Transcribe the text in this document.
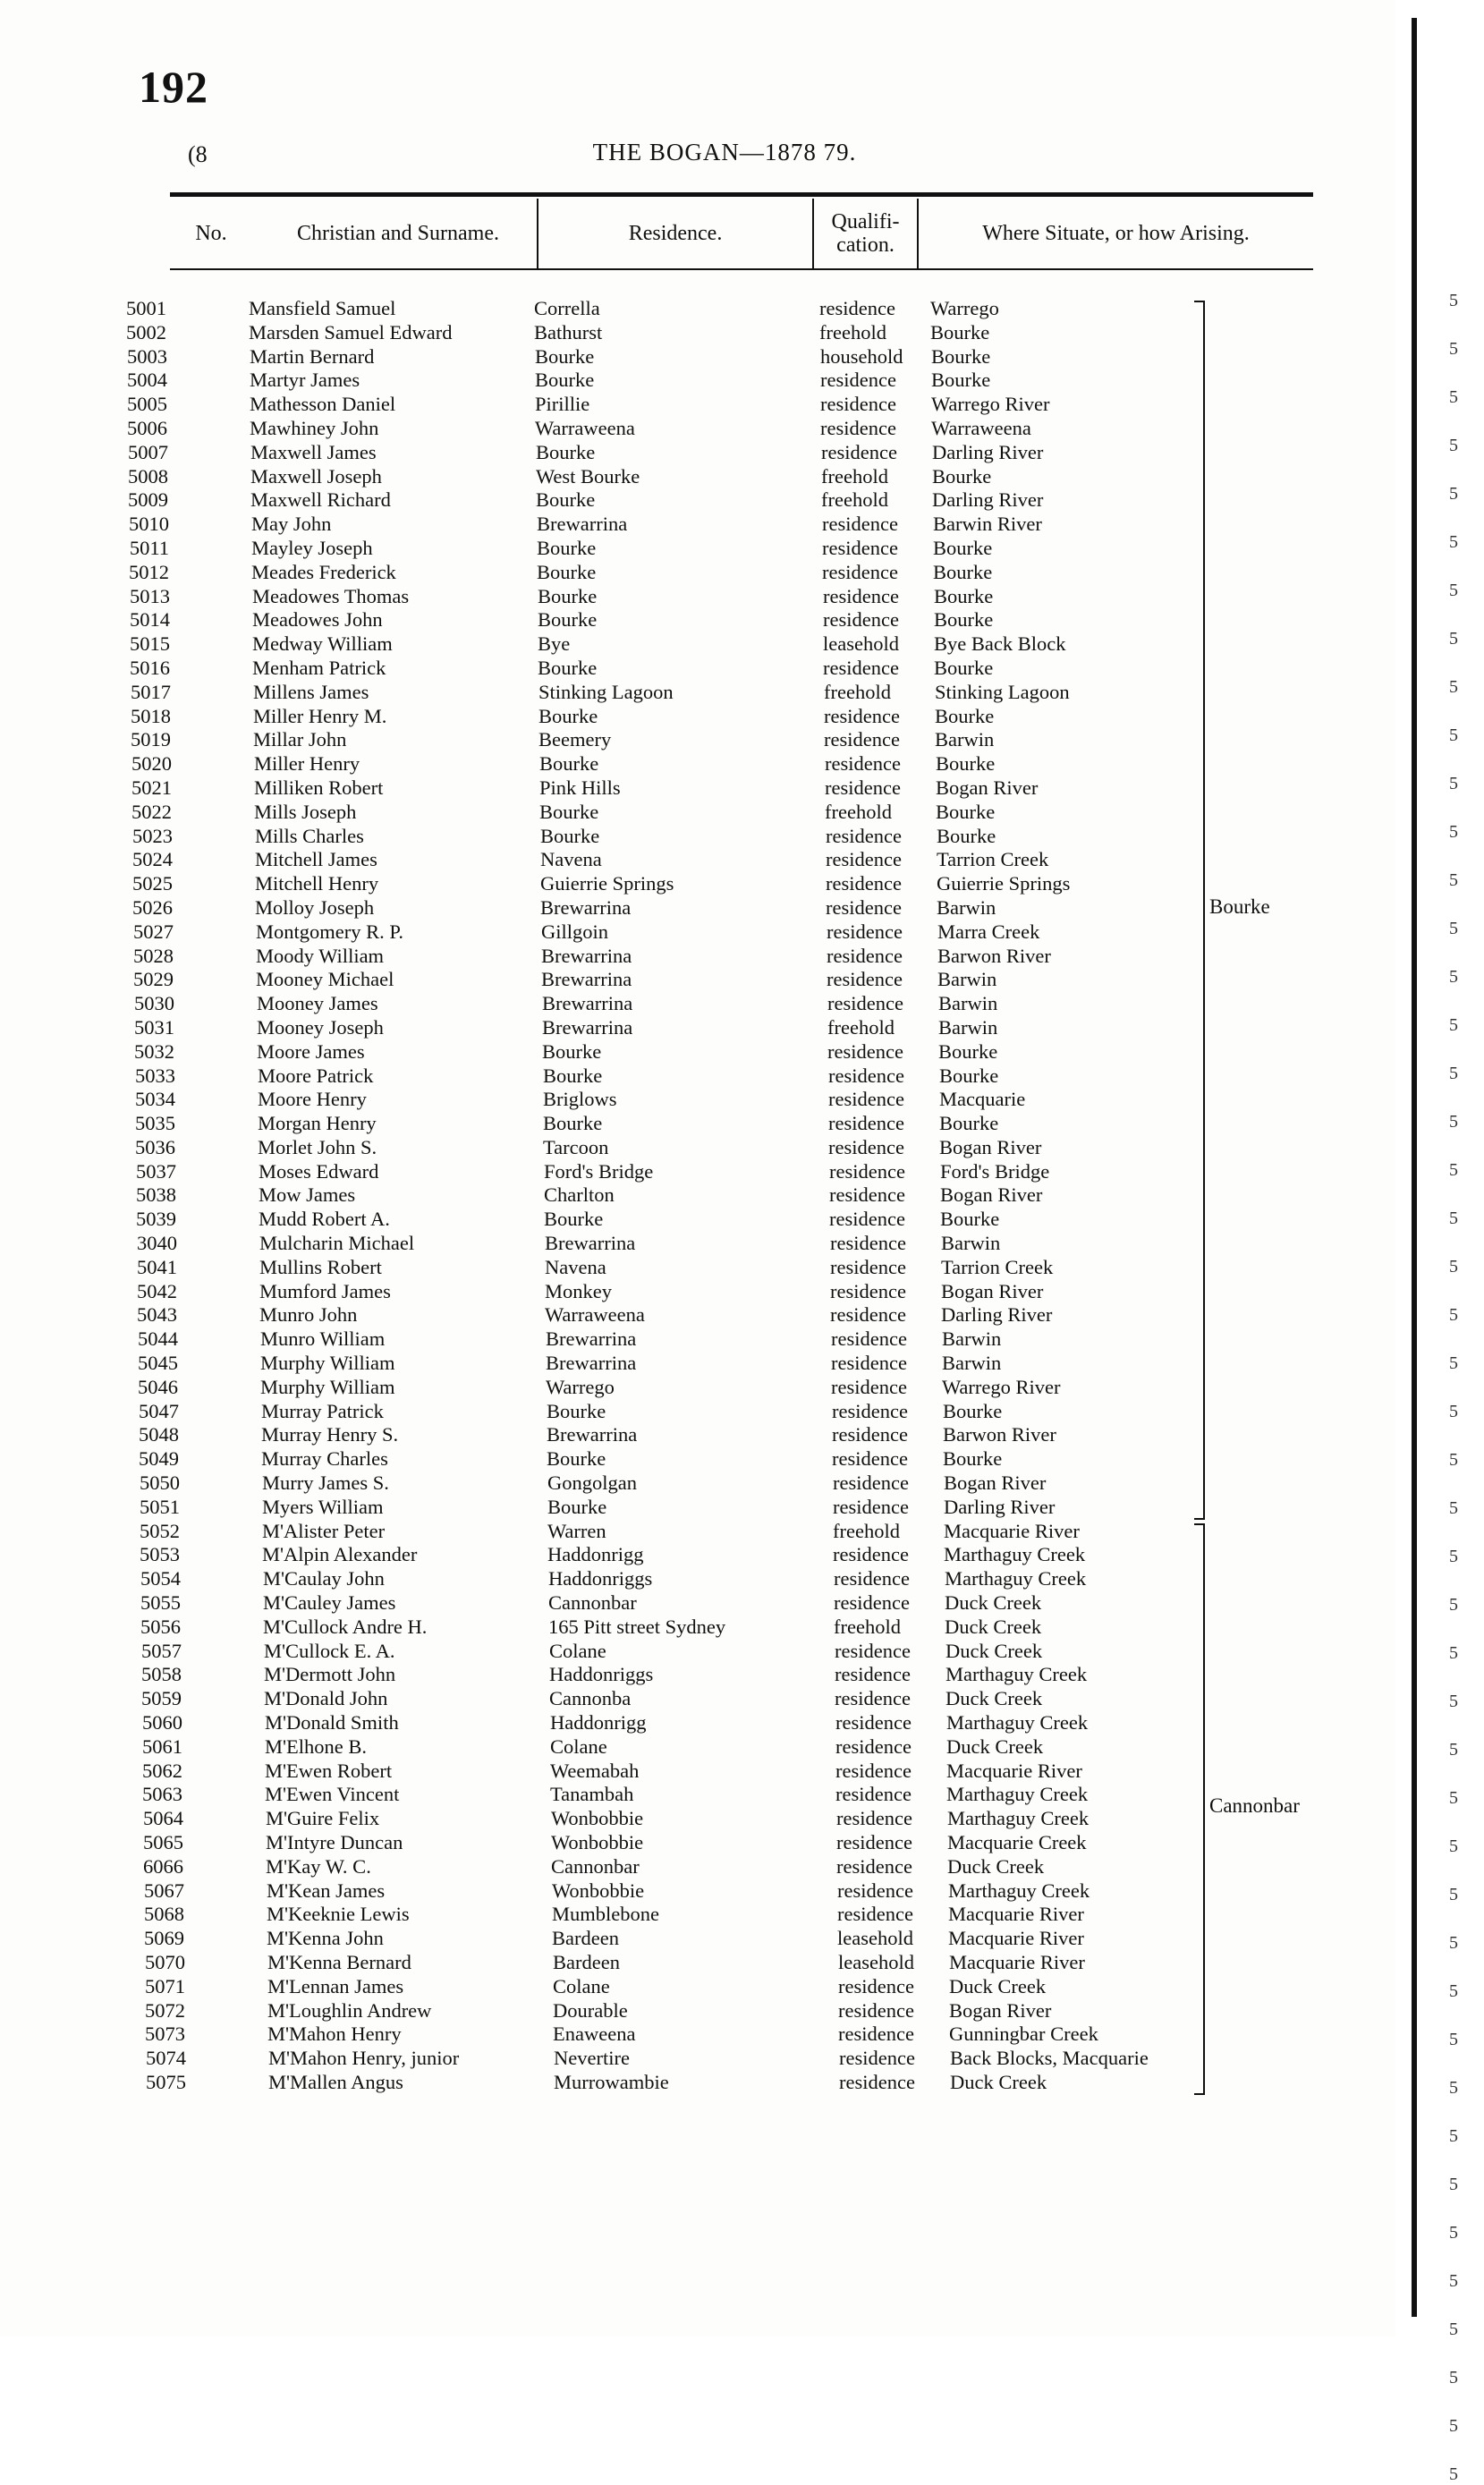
192
(8	THE BOGAN—1878 79.
No.	Christian and Surname.	Residence.	Qualifi-cation.	Where Situate, or how Arising.
5001	Mansfield Samuel	Corrella	residence Warrego
5002	Marsden Samuel Edward	Bathurst	freehold Bourke
5003	Martin Bernard	Bourke	household Bourke
5004	Martyr James	Bourke	residence Bourke
5005	Mathesson Daniel	Pirillie	residence Warrego River
5006	Mawhiney John	Warraweena	residence Warraweena
5007	Maxwell James	Bourke	residence Darling River
5008	Maxwell Joseph	West Bourke	freehold Bourke
5009	Maxwell Richard	Bourke	freehold Darling River
5010	May John	Brewarrina	residence Barwin River
5011	Mayley Joseph	Bourke	residence Bourke
5012	Meades Frederick	Bourke	residence Bourke
5013	Meadowes Thomas	Bourke	residence Bourke
5014	Meadowes John	Bourke	residence Bourke
5015	Medway William	Bye	leasehold Bye Back Block
5016	Menham Patrick	Bourke	residence Bourke
5017	Millens James	Stinking Lagoon	freehold Stinking Lagoon
5018	Miller Henry M.	Bourke	residence Bourke
5019	Millar John	Beemery	residence Barwin
5020	Miller Henry	Bourke	residence Bourke
5021	Milliken Robert	Pink Hills	residence Bogan River
5022	Mills Joseph	Bourke	freehold Bourke
5023	Mills Charles	Bourke	residence Bourke
5024	Mitchell James	Navena	residence Tarrion Creek
5025	Mitchell Henry	Guierrie Springs	residence Guierrie Springs
5026	Molloy Joseph	Brewarrina	residence Barwin
5027	Montgomery R. P.	Gillgoin	residence Marra Creek
5028	Moody William	Brewarrina	residence Barwon River
5029	Mooney Michael	Brewarrina	residence Barwin
5030	Mooney James	Brewarrina	residence Barwin
5031	Mooney Joseph	Brewarrina	freehold Barwin
5032	Moore James	Bourke	residence Bourke
5033	Moore Patrick	Bourke	residence Bourke
5034	Moore Henry	Briglows	residence Macquarie
5035	Morgan Henry	Bourke	residence Bourke
5036	Morlet John S.	Tarcoon	residence Bogan River
5037	Moses Edward	Ford's Bridge	residence Ford's Bridge
5038	Mow James	Charlton	residence Bogan River
5039	Mudd Robert A.	Bourke	residence Bourke
3040	Mulcharin Michael	Brewarrina	residence Barwin
5041	Mullins Robert	Navena	residence Tarrion Creek
5042	Mumford James	Monkey	residence Bogan River
5043	Munro John	Warraweena	residence Darling River
5044	Munro William	Brewarrina	residence Barwin
5045	Murphy William	Brewarrina	residence Barwin
5046	Murphy William	Warrego	residence Warrego River
5047	Murray Patrick	Bourke	residence Bourke
5048	Murray Henry S.	Brewarrina	residence Barwon River
5049	Murray Charles	Bourke	residence Bourke
5050	Murry James S.	Gongolgan	residence Bogan River
5051	Myers William	Bourke	residence Darling River
5052	M'Alister Peter	Warren	freehold Macquarie River
5053	M'Alpin Alexander	Haddonrigg	residence Marthaguy Creek
5054	M'Caulay John	Haddonriggs	residence Marthaguy Creek
5055	M'Cauley James	Cannonbar	residence Duck Creek
5056	M'Cullock Andre H.	165 Pitt street Sydney	freehold Duck Creek
5057	M'Cullock E. A.	Colane	residence Duck Creek
5058	M'Dermott John	Haddonriggs	residence Marthaguy Creek
5059	M'Donald John	Cannonba	residence Duck Creek
5060	M'Donald Smith	Haddonrigg	residence Marthaguy Creek
5061	M'Elhone B.	Colane	residence Duck Creek
5062	M'Ewen Robert	Weemabah	residence Macquarie River
5063	M'Ewen Vincent	Tanambah	residence Marthaguy Creek
5064	M'Guire Felix	Wonbobbie	residence Marthaguy Creek
5065	M'Intyre Duncan	Wonbobbie	residence Macquarie Creek
6066	M'Kay W. C.	Cannonbar	residence Duck Creek
5067	M'Kean James	Wonbobbie	residence Marthaguy Creek
5068	M'Keeknie Lewis	Mumblebone	residence Macquarie River
5069	M'Kenna John	Bardeen	leasehold Macquarie River
5070	M'Kenna Bernard	Bardeen	leasehold Macquarie River
5071	M'Lennan James	Colane	residence Duck Creek
5072	M'Loughlin Andrew	Dourable	residence Bogan River
5073	M'Mahon Henry	Enaweena	residence Gunningbar Creek
5074	M'Mahon Henry, junior	Nevertire	residence Back Blocks, Macquarie
5075	M'Mallen Angus	Murrowambie	residence Duck Creek
Bourke
Cannonbar
5
5
5
5
5
5
5
5
5
5
5
5
5
5
5
5
5
5
5
5
5
5
5
5
5
5
5
5
5
5
5
5
5
5
5
5
5
5
5
5
5
5
5
5
5
5
